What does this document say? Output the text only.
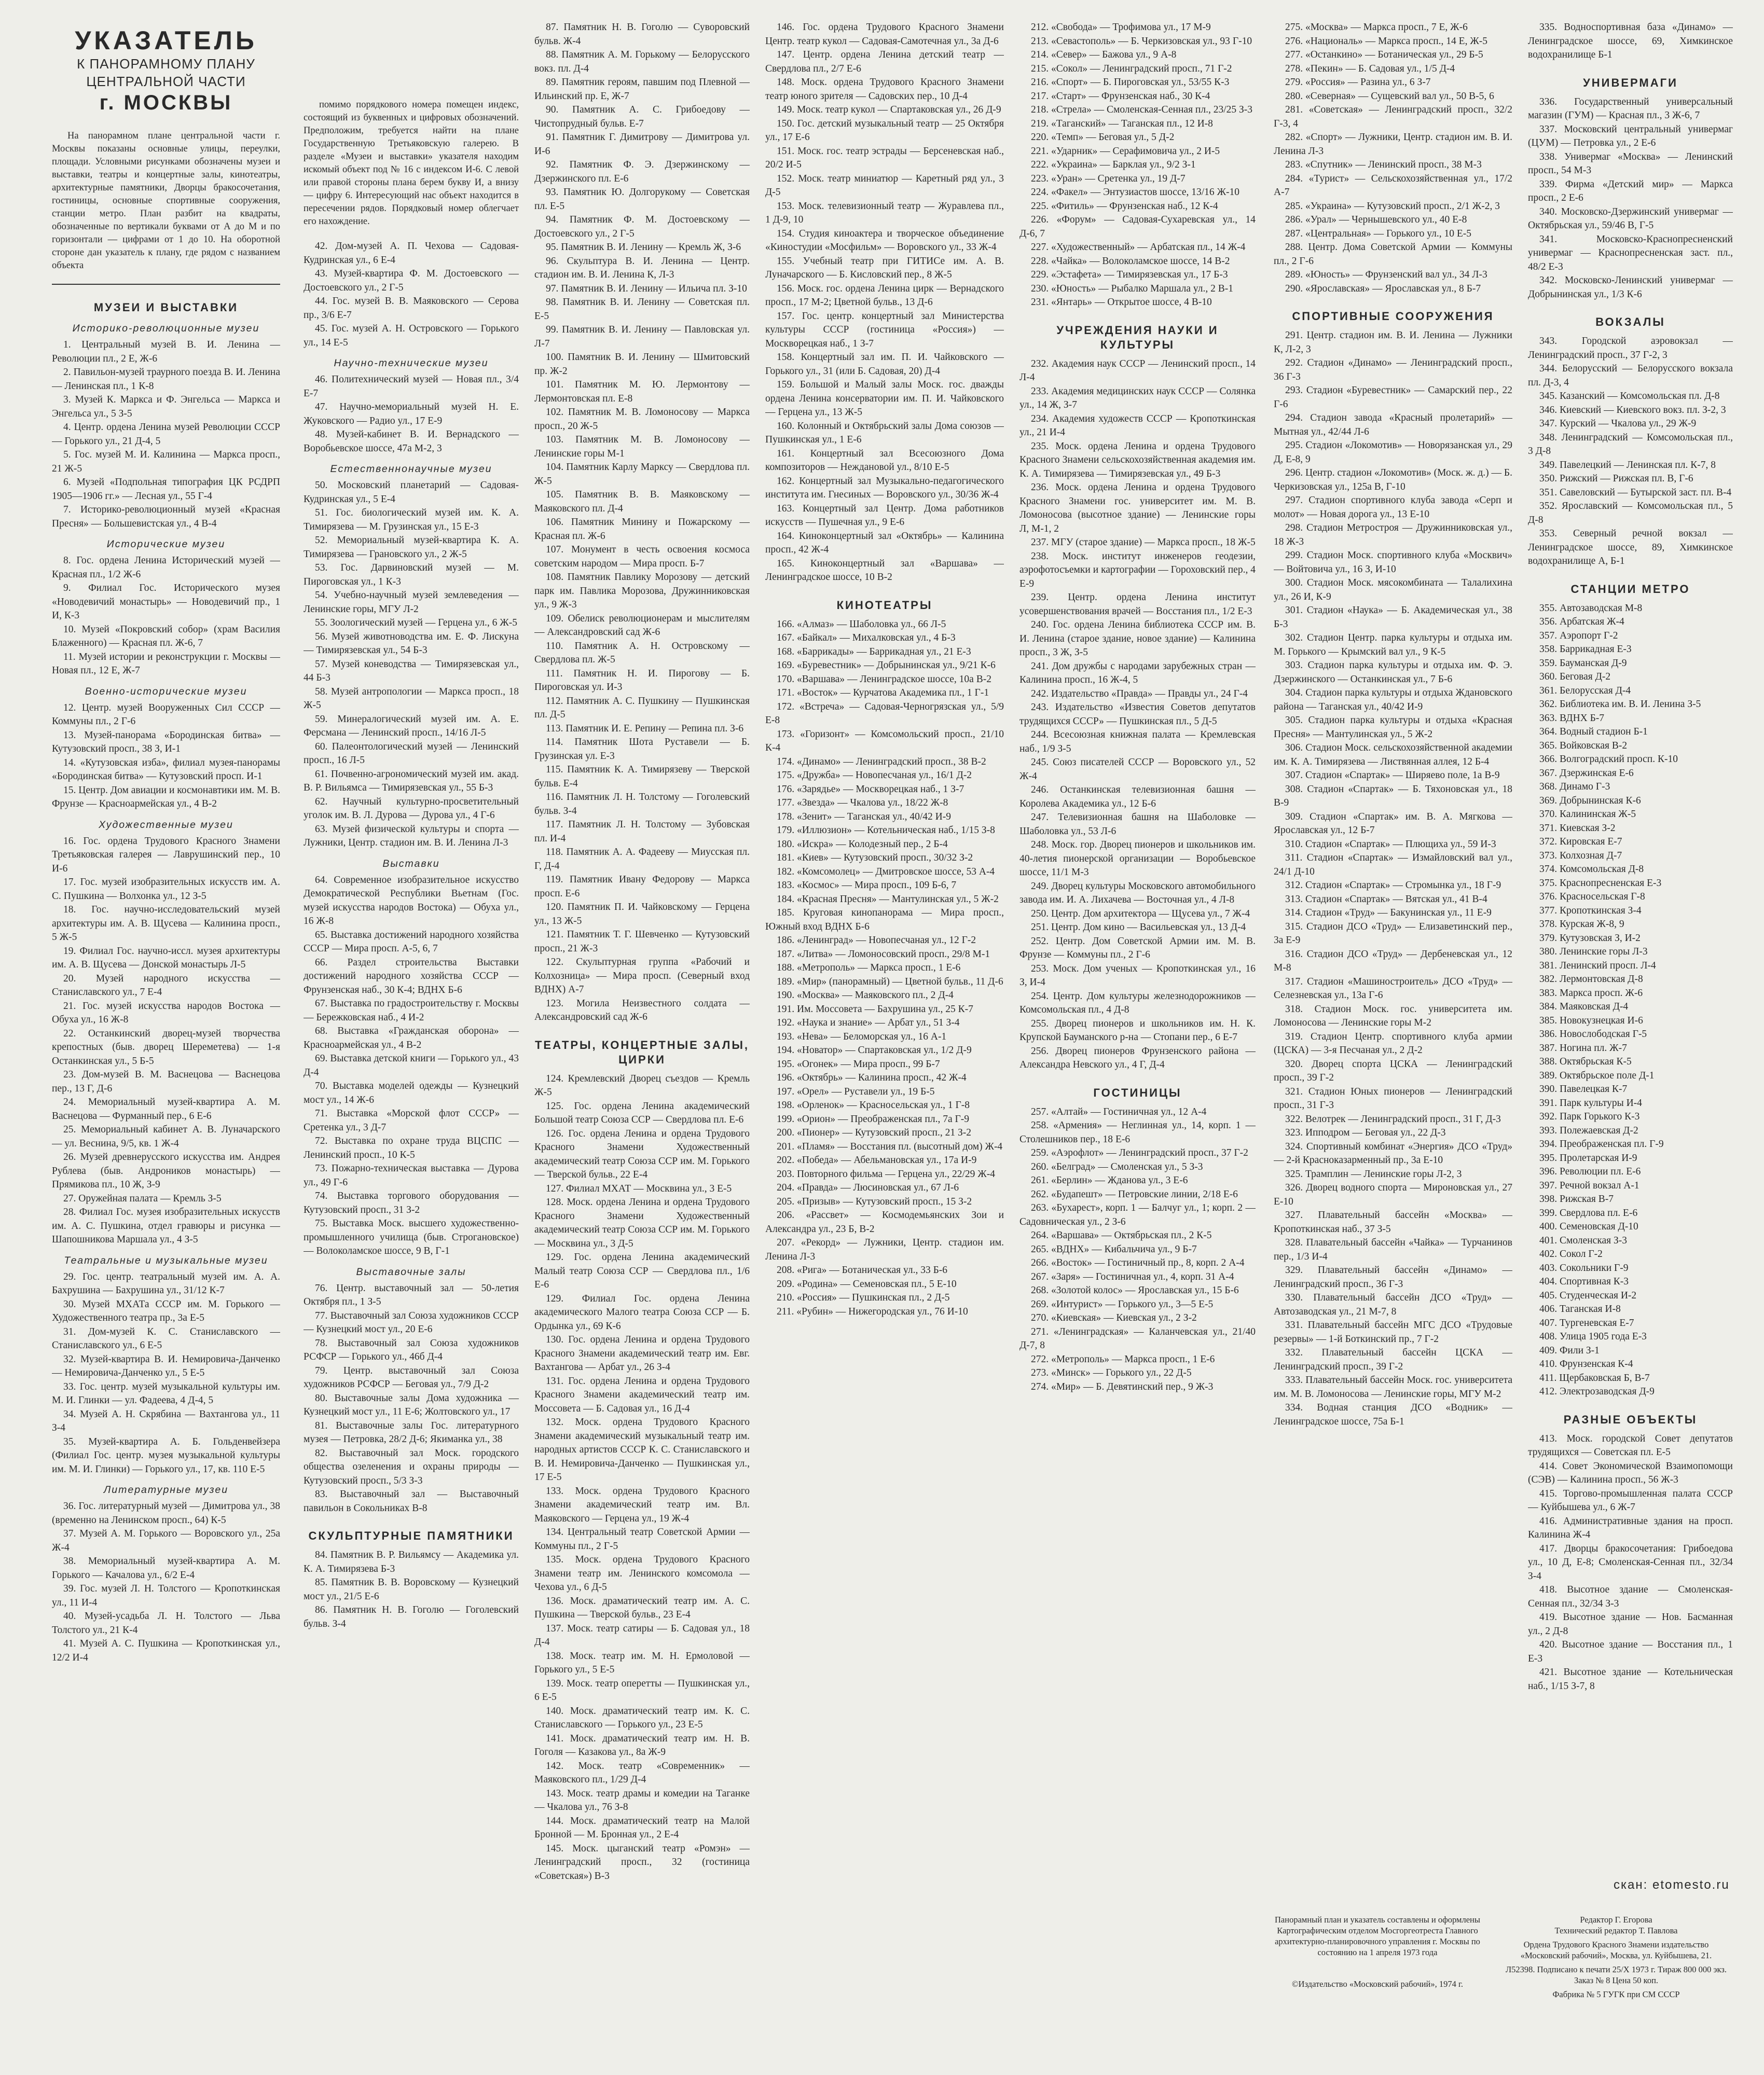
УКАЗАТЕЛЬ
К ПАНОРАМНОМУ ПЛАНУ ЦЕНТРАЛЬНОЙ ЧАСТИ
г. МОСКВЫ

На панорамном плане центральной части г. Москвы показаны основные улицы, переулки, площади. Условными рисунками обозначены музеи и выставки, театры и концертные залы, кинотеатры, архитектурные памятники, Дворцы бракосочетания, гостиницы, основные спортивные сооружения, станции метро. План разбит на квадраты, обозначенные по вертикали буквами от А до М и по горизонтали — цифрами от 1 до 10. На оборотной стороне дан указатель к плану, где рядом с названием объекта

МУЗЕИ И ВЫСТАВКИ
Историко-революционные музеи

1. Центральный музей В. И. Ленина — Революции пл., 2 Е, Ж-6

2. Павильон-музей траурного поезда В. И. Ленина — Ленинская пл., 1 К-8

3. Музей К. Маркса и Ф. Энгельса — Маркса и Энгельса ул., 5 З-5

4. Центр. ордена Ленина музей Революции СССР — Горького ул., 21 Д-4, 5

5. Гос. музей М. И. Калинина — Маркса просп., 21 Ж-5

6. Музей «Подпольная типография ЦК РСДРП 1905—1906 гг.» — Лесная ул., 55 Г-4

7. Историко-революционный музей «Красная Пресня» — Большевистская ул., 4 В-4

Исторические музеи

8. Гос. ордена Ленина Исторический музей — Красная пл., 1/2 Ж-6

9. Филиал Гос. Исторического музея «Новодевичий монастырь» — Новодевичий пр., 1 И, К-3

10. Музей «Покровский собор» (храм Василия Блаженного) — Красная пл. Ж-6, 7

11. Музей истории и реконструкции г. Москвы — Новая пл., 12 Е, Ж-7

Военно-исторические музеи

12. Центр. музей Вооруженных Сил СССР — Коммуны пл., 2 Г-6

13. Музей-панорама «Бородинская битва» — Кутузовский просп., 38 З, И-1

14. «Кутузовская изба», филиал музея-панорамы «Бородинская битва» — Кутузовский просп. И-1

15. Центр. Дом авиации и космонавтики им. М. В. Фрунзе — Красноармейская ул., 4 В-2

Художественные музеи

16. Гос. ордена Трудового Красного Знамени Третьяковская галерея — Лаврушинский пер., 10 И-6

17. Гос. музей изобразительных искусств им. А. С. Пушкина — Волхонка ул., 12 З-5

18. Гос. научно-исследовательский музей архитектуры им. А. В. Щусева — Калинина просп., 5 Ж-5

19. Филиал Гос. научно-иссл. музея архитектуры им. А. В. Щусева — Донской монастырь Л-5

20. Музей народного искусства — Станиславского ул., 7 Е-4

21. Гос. музей искусства народов Востока — Обуха ул., 16 Ж-8

22. Останкинский дворец-музей творчества крепостных (быв. дворец Шереметева) — 1-я Останкинская ул., 5 Б-5

23. Дом-музей В. М. Васнецова — Васнецова пер., 13 Г, Д-6

24. Мемориальный музей-квартира А. М. Васнецова — Фурманный пер., 6 Е-6

25. Мемориальный кабинет А. В. Луначарского — ул. Веснина, 9/5, кв. 1 Ж-4

26. Музей древнерусского искусства им. Андрея Рублева (быв. Андроников монастырь) — Прямикова пл., 10 Ж, З-9

27. Оружейная палата — Кремль З-5

28. Филиал Гос. музея изобразительных искусств им. А. С. Пушкина, отдел гравюры и рисунка — Шапошникова Маршала ул., 4 З-5

Театральные и музыкальные музеи

29. Гос. центр. театральный музей им. А. А. Бахрушина — Бахрушина ул., 31/12 К-7

30. Музей МХАТа СССР им. М. Горького — Художественного театра пр., 3а Е-5

31. Дом-музей К. С. Станиславского — Станиславского ул., 6 Е-5

32. Музей-квартира В. И. Немировича-Данченко — Немировича-Данченко ул., 5 Е-5

33. Гос. центр. музей музыкальной культуры им. М. И. Глинки — ул. Фадеева, 4 Д-4, 5

34. Музей А. Н. Скрябина — Вахтангова ул., 11 З-4

35. Музей-квартира А. Б. Гольденвейзера (Филиал Гос. центр. музея музыкальной культуры им. М. И. Глинки) — Горького ул., 17, кв. 110 Е-5

Литературные музеи

36. Гос. литературный музей — Димитрова ул., 38 (временно на Ленинском просп., 64) К-5

37. Музей А. М. Горького — Воровского ул., 25а Ж-4

38. Мемориальный музей-квартира А. М. Горького — Качалова ул., 6/2 Е-4

39. Гос. музей Л. Н. Толстого — Кропоткинская ул., 11 И-4

40. Музей-усадьба Л. Н. Толстого — Льва Толстого ул., 21 К-4

41. Музей А. С. Пушкина — Кропоткинская ул., 12/2 И-4

помимо порядкового номера помещен индекс, состоящий из буквенных и цифровых обозначений. Предположим, требуется найти на плане Государственную Третьяковскую галерею. В разделе «Музеи и выставки» указателя находим искомый объект под № 16 с индексом И-6. С левой или правой стороны плана берем букву И, а внизу — цифру 6. Интересующий нас объект находится в пересечении рядов. Порядковый номер облегчает его нахождение.

42. Дом-музей А. П. Чехова — Садовая-Кудринская ул., 6 Е-4

43. Музей-квартира Ф. М. Достоевского — Достоевского ул., 2 Г-5

44. Гос. музей В. В. Маяковского — Серова пр., 3/6 Е-7

45. Гос. музей А. Н. Островского — Горького ул., 14 Е-5

Научно-технические музеи

46. Политехнический музей — Новая пл., 3/4 Е-7

47. Научно-мемориальный музей Н. Е. Жуковского — Радио ул., 17 Е-9

48. Музей-кабинет В. И. Вернадского — Воробьевское шоссе, 47а М-2, 3

Естественнонаучные музеи

50. Московский планетарий — Садовая-Кудринская ул., 5 Е-4

51. Гос. биологический музей им. К. А. Тимирязева — М. Грузинская ул., 15 Е-3

52. Мемориальный музей-квартира К. А. Тимирязева — Грановского ул., 2 Ж-5

53. Гос. Дарвиновский музей — М. Пироговская ул., 1 К-3

54. Учебно-научный музей землеведения — Ленинские горы, МГУ Л-2

55. Зоологический музей — Герцена ул., 6 Ж-5

56. Музей животноводства им. Е. Ф. Лискуна — Тимирязевская ул., 54 Б-3

57. Музей коневодства — Тимирязевская ул., 44 Б-3

58. Музей антропологии — Маркса просп., 18 Ж-5

59. Минералогический музей им. А. Е. Ферсмана — Ленинский просп., 14/16 Л-5

60. Палеонтологический музей — Ленинский просп., 16 Л-5

61. Почвенно-агрономический музей им. акад. В. Р. Вильямса — Тимирязевская ул., 55 Б-3

62. Научный культурно-просветительный уголок им. В. Л. Дурова — Дурова ул., 4 Г-6

63. Музей физической культуры и спорта — Лужники, Центр. стадион им. В. И. Ленина Л-3

Выставки

64. Современное изобразительное искусство Демократической Республики Вьетнам (Гос. музей искусства народов Востока) — Обуха ул., 16 Ж-8

65. Выставка достижений народного хозяйства СССР — Мира просп. А-5, 6, 7

66. Раздел строительства Выставки достижений народного хозяйства СССР — Фрунзенская наб., 30 К-4; ВДНХ Б-6

67. Выставка по градостроительству г. Москвы — Бережковская наб., 4 И-2

68. Выставка «Гражданская оборона» — Красноармейская ул., 4 В-2

69. Выставка детской книги — Горького ул., 43 Д-4

70. Выставка моделей одежды — Кузнецкий мост ул., 14 Ж-6

71. Выставка «Морской флот СССР» — Сретенка ул., 3 Д-7

72. Выставка по охране труда ВЦСПС — Ленинский просп., 10 К-5

73. Пожарно-техническая выставка — Дурова ул., 49 Г-6

74. Выставка торгового оборудования — Кутузовский просп., 31 З-2

75. Выставка Моск. высшего художественно-промышленного училища (быв. Строгановское) — Волоколамское шоссе, 9 В, Г-1

Выставочные залы

76. Центр. выставочный зал — 50-летия Октября пл., 1 З-5

77. Выставочный зал Союза художников СССР — Кузнецкий мост ул., 20 Е-6

78. Выставочный зал Союза художников РСФСР — Горького ул., 46б Д-4

79. Центр. выставочный зал Союза художников РСФСР — Беговая ул., 7/9 Д-2

80. Выставочные залы Дома художника — Кузнецкий мост ул., 11 Е-6; Жолтовского ул., 17

81. Выставочные залы Гос. литературного музея — Петровка, 28/2 Д-6; Якиманка ул., 38

82. Выставочный зал Моск. городского общества озеленения и охраны природы — Кутузовский просп., 5/3 З-3

83. Выставочный зал — Выставочный павильон в Сокольниках В-8

СКУЛЬПТУРНЫЕ ПАМЯТНИКИ

84. Памятник В. Р. Вильямсу — Академика ул. К. А. Тимирязева Б-3

85. Памятник В. В. Воровскому — Кузнецкий мост ул., 21/5 Е-6

86. Памятник Н. В. Гоголю — Гоголевский бульв. З-4

87. Памятник Н. В. Гоголю — Суворовский бульв. Ж-4

88. Памятник А. М. Горькому — Белорусского вокз. пл. Д-4

89. Памятник героям, павшим под Плевной — Ильинский пр. Е, Ж-7

90. Памятник А. С. Грибоедову — Чистопрудный бульв. Е-7

91. Памятник Г. Димитрову — Димитрова ул. И-6

92. Памятник Ф. Э. Дзержинскому — Дзержинского пл. Е-6

93. Памятник Ю. Долгорукому — Советская пл. Е-5

94. Памятник Ф. М. Достоевскому — Достоевского ул., 2 Г-5

95. Памятник В. И. Ленину — Кремль Ж, З-6

96. Скульптура В. И. Ленина — Центр. стадион им. В. И. Ленина К, Л-3

97. Памятник В. И. Ленину — Ильича пл. З-10

98. Памятник В. И. Ленину — Советская пл. Е-5

99. Памятник В. И. Ленину — Павловская ул. Л-7

100. Памятник В. И. Ленину — Шмитовский пр. Ж-2

101. Памятник М. Ю. Лермонтову — Лермонтовская пл. Е-8

102. Памятник М. В. Ломоносову — Маркса просп., 20 Ж-5

103. Памятник М. В. Ломоносову — Ленинские горы М-1

104. Памятник Карлу Марксу — Свердлова пл. Ж-5

105. Памятник В. В. Маяковскому — Маяковского пл. Д-4

106. Памятник Минину и Пожарскому — Красная пл. Ж-6

107. Монумент в честь освоения космоса советским народом — Мира просп. Б-7

108. Памятник Павлику Морозову — детский парк им. Павлика Морозова, Дружинниковская ул., 9 Ж-3

109. Обелиск революционерам и мыслителям — Александровский сад Ж-6

110. Памятник А. Н. Островскому — Свердлова пл. Ж-5

111. Памятник Н. И. Пирогову — Б. Пироговская ул. И-3

112. Памятник А. С. Пушкину — Пушкинская пл. Д-5

113. Памятник И. Е. Репину — Репина пл. З-6

114. Памятник Шота Руставели — Б. Грузинская ул. Е-3

115. Памятник К. А. Тимирязеву — Тверской бульв. Е-4

116. Памятник Л. Н. Толстому — Гоголевский бульв. З-4

117. Памятник Л. Н. Толстому — Зубовская пл. И-4

118. Памятник А. А. Фадееву — Миусская пл. Г, Д-4

119. Памятник Ивану Федорову — Маркса просп. Е-6

120. Памятник П. И. Чайковскому — Герцена ул., 13 Ж-5

121. Памятник Т. Г. Шевченко — Кутузовский просп., 21 Ж-3

122. Скульптурная группа «Рабочий и Колхозница» — Мира просп. (Северный вход ВДНХ) А-7

123. Могила Неизвестного солдата — Александровский сад Ж-6

ТЕАТРЫ, КОНЦЕРТНЫЕ ЗАЛЫ, ЦИРКИ

124. Кремлевский Дворец съездов — Кремль Ж-5

125. Гос. ордена Ленина академический Большой театр Союза ССР — Свердлова пл. Е-6

126. Гос. ордена Ленина и ордена Трудового Красного Знамени Художественный академический театр Союза ССР им. М. Горького — Тверской бульв., 22 Е-4

127. Филиал МХАТ — Москвина ул., 3 Е-5

128. Моск. ордена Ленина и ордена Трудового Красного Знамени Художественный академический театр Союза ССР им. М. Горького — Москвина ул., 3 Д-5

129. Гос. ордена Ленина академический Малый театр Союза ССР — Свердлова пл., 1/6 Е-6

129. Филиал Гос. ордена Ленина академического Малого театра Союза ССР — Б. Ордынка ул., 69 К-6

130. Гос. ордена Ленина и ордена Трудового Красного Знамени академический театр им. Евг. Вахтангова — Арбат ул., 26 З-4

131. Гос. ордена Ленина и ордена Трудового Красного Знамени академический театр им. Моссовета — Б. Садовая ул., 16 Д-4

132. Моск. ордена Трудового Красного Знамени академический музыкальный театр им. народных артистов СССР К. С. Станиславского и В. И. Немировича-Данченко — Пушкинская ул., 17 Е-5

133. Моск. ордена Трудового Красного Знамени академический театр им. Вл. Маяковского — Герцена ул., 19 Ж-4

134. Центральный театр Советской Армии — Коммуны пл., 2 Г-5

135. Моск. ордена Трудового Красного Знамени театр им. Ленинского комсомола — Чехова ул., 6 Д-5

136. Моск. драматический театр им. А. С. Пушкина — Тверской бульв., 23 Е-4

137. Моск. театр сатиры — Б. Садовая ул., 18 Д-4

138. Моск. театр им. М. Н. Ермоловой — Горького ул., 5 Е-5

139. Моск. театр оперетты — Пушкинская ул., 6 Е-5

140. Моск. драматический театр им. К. С. Станиславского — Горького ул., 23 Е-5

141. Моск. драматический театр им. Н. В. Гоголя — Казакова ул., 8а Ж-9

142. Моск. театр «Современник» — Маяковского пл., 1/29 Д-4

143. Моск. театр драмы и комедии на Таганке — Чкалова ул., 76 З-8

144. Моск. драматический театр на Малой Бронной — М. Бронная ул., 2 Е-4

145. Моск. цыганский театр «Ромэн» — Ленинградский просп., 32 (гостиница «Советская») В-3

146. Гос. ордена Трудового Красного Знамени Центр. театр кукол — Садовая-Самотечная ул., 3а Д-6

147. Центр. ордена Ленина детский театр — Свердлова пл., 2/7 Е-6

148. Моск. ордена Трудового Красного Знамени театр юного зрителя — Садовских пер., 10 Д-4

149. Моск. театр кукол — Спартаковская ул., 26 Д-9

150. Гос. детский музыкальный театр — 25 Октября ул., 17 Е-6

151. Моск. гос. театр эстрады — Берсеневская наб., 20/2 И-5

152. Моск. театр миниатюр — Каретный ряд ул., 3 Д-5

153. Моск. телевизионный театр — Журавлева пл., 1 Д-9, 10

154. Студия киноактера и творческое объединение «Киностудии «Мосфильм» — Воровского ул., 33 Ж-4

155. Учебный театр при ГИТИСе им. А. В. Луначарского — Б. Кисловский пер., 8 Ж-5

156. Моск. гос. ордена Ленина цирк — Вернадского просп., 17 М-2; Цветной бульв., 13 Д-6

157. Гос. центр. концертный зал Министерства культуры СССР (гостиница «Россия») — Москворецкая наб., 1 З-7

158. Концертный зал им. П. И. Чайковского — Горького ул., 31 (или Б. Садовая, 20) Д-4

159. Большой и Малый залы Моск. гос. дважды ордена Ленина консерватории им. П. И. Чайковского — Герцена ул., 13 Ж-5

160. Колонный и Октябрьский залы Дома союзов — Пушкинская ул., 1 Е-6

161. Концертный зал Всесоюзного Дома композиторов — Неждановой ул., 8/10 Е-5

162. Концертный зал Музыкально-педагогического института им. Гнесиных — Воровского ул., 30/36 Ж-4

163. Концертный зал Центр. Дома работников искусств — Пушечная ул., 9 Е-6

164. Киноконцертный зал «Октябрь» — Калинина просп., 42 Ж-4

165. Киноконцертный зал «Варшава» — Ленинградское шоссе, 10 В-2

КИНОТЕАТРЫ

166. «Алмаз» — Шаболовка ул., 66 Л-5

167. «Байкал» — Михалковская ул., 4 Б-3

168. «Баррикады» — Баррикадная ул., 21 Е-3

169. «Буревестник» — Добрынинская ул., 9/21 К-6

170. «Варшава» — Ленинградское шоссе, 10а В-2

171. «Восток» — Курчатова Академика пл., 1 Г-1

172. «Встреча» — Садовая-Черногрязская ул., 5/9 Е-8

173. «Горизонт» — Комсомольский просп., 21/10 К-4

174. «Динамо» — Ленинградский просп., 38 В-2

175. «Дружба» — Новопесчаная ул., 16/1 Д-2

176. «Зарядье» — Москворецкая наб., 1 З-7

177. «Звезда» — Чкалова ул., 18/22 Ж-8

178. «Зенит» — Таганская ул., 40/42 И-9

179. «Иллюзион» — Котельническая наб., 1/15 З-8

180. «Искра» — Колодезный пер., 2 Б-4

181. «Киев» — Кутузовский просп., 30/32 З-2

182. «Комсомолец» — Дмитровское шоссе, 53 А-4

183. «Космос» — Мира просп., 109 Б-6, 7

184. «Красная Пресня» — Мантулинская ул., 5 Ж-2

185. Круговая кинопанорама — Мира просп., Южный вход ВДНХ Б-6

186. «Ленинград» — Новопесчаная ул., 12 Г-2

187. «Литва» — Ломоносовский просп., 29/8 М-1

188. «Метрополь» — Маркса просп., 1 Е-6

189. «Мир» (панорамный) — Цветной бульв., 11 Д-6

190. «Москва» — Маяковского пл., 2 Д-4

191. Им. Моссовета — Бахрушина ул., 25 К-7

192. «Наука и знание» — Арбат ул., 51 З-4

193. «Нева» — Беломорская ул., 16 А-1

194. «Новатор» — Спартаковская ул., 1/2 Д-9

195. «Огонек» — Мира просп., 99 Б-7

196. «Октябрь» — Калинина просп., 42 Ж-4

197. «Орел» — Руставели ул., 19 Б-5

198. «Орленок» — Красносельская ул., 1 Г-8

199. «Орион» — Преображенская пл., 7а Г-9

200. «Пионер» — Кутузовский просп., 21 З-2

201. «Пламя» — Восстания пл. (высотный дом) Ж-4

202. «Победа» — Абельмановская ул., 17а И-9

203. Повторного фильма — Герцена ул., 22/29 Ж-4

204. «Правда» — Люсиновская ул., 67 Л-6

205. «Призыв» — Кутузовский просп., 15 З-2

206. «Рассвет» — Космодемьянских Зои и Александра ул., 23 Б, В-2

207. «Рекорд» — Лужники, Центр. стадион им. Ленина Л-3

208. «Рига» — Ботаническая ул., 33 Б-6

209. «Родина» — Семеновская пл., 5 Е-10

210. «Россия» — Пушкинская пл., 2 Д-5

211. «Рубин» — Нижегородская ул., 76 И-10

212. «Свобода» — Трофимова ул., 17 М-9

213. «Севастополь» — Б. Черкизовская ул., 93 Г-10

214. «Север» — Бажова ул., 9 А-8

215. «Сокол» — Ленинградский просп., 71 Г-2

216. «Спорт» — Б. Пироговская ул., 53/55 К-3

217. «Старт» — Фрунзенская наб., 30 К-4

218. «Стрела» — Смоленская-Сенная пл., 23/25 З-3

219. «Таганский» — Таганская пл., 12 И-8

220. «Темп» — Беговая ул., 5 Д-2

221. «Ударник» — Серафимовича ул., 2 И-5

222. «Украина» — Барклая ул., 9/2 З-1

223. «Уран» — Сретенка ул., 19 Д-7

224. «Факел» — Энтузиастов шоссе, 13/16 Ж-10

225. «Фитиль» — Фрунзенская наб., 12 К-4

226. «Форум» — Садовая-Сухаревская ул., 14 Д-6, 7

227. «Художественный» — Арбатская пл., 14 Ж-4

228. «Чайка» — Волоколамское шоссе, 14 В-2

229. «Эстафета» — Тимирязевская ул., 17 Б-3

230. «Юность» — Рыбалко Маршала ул., 2 В-1

231. «Янтарь» — Открытое шоссе, 4 В-10

УЧРЕЖДЕНИЯ НАУКИ И КУЛЬТУРЫ

232. Академия наук СССР — Ленинский просп., 14 Л-4

233. Академия медицинских наук СССР — Солянка ул., 14 Ж, З-7

234. Академия художеств СССР — Кропоткинская ул., 21 И-4

235. Моск. ордена Ленина и ордена Трудового Красного Знамени сельскохозяйственная академия им. К. А. Тимирязева — Тимирязевская ул., 49 Б-3

236. Моск. ордена Ленина и ордена Трудового Красного Знамени гос. университет им. М. В. Ломоносова (высотное здание) — Ленинские горы Л, М-1, 2

237. МГУ (старое здание) — Маркса просп., 18 Ж-5

238. Моск. институт инженеров геодезии, аэрофотосъемки и картографии — Гороховский пер., 4 Е-9

239. Центр. ордена Ленина институт усовершенствования врачей — Восстания пл., 1/2 Е-3

240. Гос. ордена Ленина библиотека СССР им. В. И. Ленина (старое здание, новое здание) — Калинина просп., 3 Ж, З-5

241. Дом дружбы с народами зарубежных стран — Калинина просп., 16 Ж-4, 5

242. Издательство «Правда» — Правды ул., 24 Г-4

243. Издательство «Известия Советов депутатов трудящихся СССР» — Пушкинская пл., 5 Д-5

244. Всесоюзная книжная палата — Кремлевская наб., 1/9 З-5

245. Союз писателей СССР — Воровского ул., 52 Ж-4

246. Останкинская телевизионная башня — Королева Академика ул., 12 Б-6

247. Телевизионная башня на Шаболовке — Шаболовка ул., 53 Л-6

248. Моск. гор. Дворец пионеров и школьников им. 40-летия пионерской организации — Воробьевское шоссе, 11/1 М-3

249. Дворец культуры Московского автомобильного завода им. И. А. Лихачева — Восточная ул., 4 Л-8

250. Центр. Дом архитектора — Щусева ул., 7 Ж-4

251. Центр. Дом кино — Васильевская ул., 13 Д-4

252. Центр. Дом Советской Армии им. М. В. Фрунзе — Коммуны пл., 2 Г-6

253. Моск. Дом ученых — Кропоткинская ул., 16 З, И-4

254. Центр. Дом культуры железнодорожников — Комсомольская пл., 4 Д-8

255. Дворец пионеров и школьников им. Н. К. Крупской Бауманского р-на — Стопани пер., 6 Е-7

256. Дворец пионеров Фрунзенского района — Александра Невского ул., 4 Г, Д-4

ГОСТИНИЦЫ

257. «Алтай» — Гостиничная ул., 12 А-4

258. «Армения» — Неглинная ул., 14, корп. 1 — Столешников пер., 18 Е-6

259. «Аэрофлот» — Ленинградский просп., 37 Г-2

260. «Белград» — Смоленская ул., 5 З-3

261. «Берлин» — Жданова ул., 3 Е-6

262. «Будапешт» — Петровские линии, 2/18 Е-6

263. «Бухарест», корп. 1 — Балчуг ул., 1; корп. 2 — Садовническая ул., 2 З-6

264. «Варшава» — Октябрьская пл., 2 К-5

265. «ВДНХ» — Кибальчича ул., 9 Б-7

266. «Восток» — Гостиничный пр., 8, корп. 2 А-4

267. «Заря» — Гостиничная ул., 4, корп. 31 А-4

268. «Золотой колос» — Ярославская ул., 15 Б-6

269. «Интурист» — Горького ул., 3—5 Е-5

270. «Киевская» — Киевская ул., 2 З-2

271. «Ленинградская» — Каланчевская ул., 21/40 Д-7, 8

272. «Метрополь» — Маркса просп., 1 Е-6

273. «Минск» — Горького ул., 22 Д-5

274. «Мир» — Б. Девятинский пер., 9 Ж-3

275. «Москва» — Маркса просп., 7 Е, Ж-6

276. «Националь» — Маркса просп., 14 Е, Ж-5

277. «Останкино» — Ботаническая ул., 29 Б-5

278. «Пекин» — Б. Садовая ул., 1/5 Д-4

279. «Россия» — Разина ул., 6 З-7

280. «Северная» — Сущевский вал ул., 50 В-5, 6

281. «Советская» — Ленинградский просп., 32/2 Г-3, 4

282. «Спорт» — Лужники, Центр. стадион им. В. И. Ленина Л-3

283. «Спутник» — Ленинский просп., 38 М-3

284. «Турист» — Сельскохозяйственная ул., 17/2 А-7

285. «Украина» — Кутузовский просп., 2/1 Ж-2, 3

286. «Урал» — Чернышевского ул., 40 Е-8

287. «Центральная» — Горького ул., 10 Е-5

288. Центр. Дома Советской Армии — Коммуны пл., 2 Г-6

289. «Юность» — Фрунзенский вал ул., 34 Л-3

290. «Ярославская» — Ярославская ул., 8 Б-7

СПОРТИВНЫЕ СООРУЖЕНИЯ

291. Центр. стадион им. В. И. Ленина — Лужники К, Л-2, 3

292. Стадион «Динамо» — Ленинградский просп., 36 Г-3

293. Стадион «Буревестник» — Самарский пер., 22 Г-6

294. Стадион завода «Красный пролетарий» — Мытная ул., 42/44 Л-6

295. Стадион «Локомотив» — Новорязанская ул., 29 Д, Е-8, 9

296. Центр. стадион «Локомотив» (Моск. ж. д.) — Б. Черкизовская ул., 125а В, Г-10

297. Стадион спортивного клуба завода «Серп и молот» — Новая дорога ул., 13 Е-10

298. Стадион Метростроя — Дружинниковская ул., 18 Ж-3

299. Стадион Моск. спортивного клуба «Москвич» — Войтовича ул., 16 З, И-10

300. Стадион Моск. мясокомбината — Талалихина ул., 26 И, К-9

301. Стадион «Наука» — Б. Академическая ул., 38 Б-3

302. Стадион Центр. парка культуры и отдыха им. М. Горького — Крымский вал ул., 9 К-5

303. Стадион парка культуры и отдыха им. Ф. Э. Дзержинского — Останкинская ул., 7 Б-6

304. Стадион парка культуры и отдыха Ждановского района — Таганская ул., 40/42 И-9

305. Стадион парка культуры и отдыха «Красная Пресня» — Мантулинская ул., 5 Ж-2

306. Стадион Моск. сельскохозяйственной академии им. К. А. Тимирязева — Листвянная аллея, 12 Б-4

307. Стадион «Спартак» — Ширяево поле, 1а В-9

308. Стадион «Спартак» — Б. Тяхоновская ул., 18 В-9

309. Стадион «Спартак» им. В. А. Мягкова — Ярославская ул., 12 Б-7

310. Стадион «Спартак» — Плющиха ул., 59 И-3

311. Стадион «Спартак» — Измайловский вал ул., 24/1 Д-10

312. Стадион «Спартак» — Стромынка ул., 18 Г-9

313. Стадион «Спартак» — Вятская ул., 41 В-4

314. Стадион «Труд» — Бакунинская ул., 11 Е-9

315. Стадион ДСО «Труд» — Елизаветинский пер., 3а Е-9

316. Стадион ДСО «Труд» — Дербеневская ул., 12 М-8

317. Стадион «Машиностроитель» ДСО «Труд» — Селезневская ул., 13а Г-6

318. Стадион Моск. гос. университета им. Ломоносова — Ленинские горы М-2

319. Стадион Центр. спортивного клуба армии (ЦСКА) — 3-я Песчаная ул., 2 Д-2

320. Дворец спорта ЦСКА — Ленинградский просп., 39 Г-2

321. Стадион Юных пионеров — Ленинградский просп., 31 Г-3

322. Велотрек — Ленинградский просп., 31 Г, Д-3

323. Ипподром — Беговая ул., 22 Д-3

324. Спортивный комбинат «Энергия» ДСО «Труд» — 2-й Красноказарменный пр., 3а Е-10

325. Трамплин — Ленинские горы Л-2, 3

326. Дворец водного спорта — Мироновская ул., 27 Е-10

327. Плавательный бассейн «Москва» — Кропоткинская наб., 37 З-5

328. Плавательный бассейн «Чайка» — Турчанинов пер., 1/3 И-4

329. Плавательный бассейн «Динамо» — Ленинградский просп., 36 Г-3

330. Плавательный бассейн ДСО «Труд» — Автозаводская ул., 21 М-7, 8

331. Плавательный бассейн МГС ДСО «Трудовые резервы» — 1-й Боткинский пр., 7 Г-2

332. Плавательный бассейн ЦСКА — Ленинградский просп., 39 Г-2

333. Плавательный бассейн Моск. гос. университета им. М. В. Ломоносова — Ленинские горы, МГУ М-2

334. Водная станция ДСО «Водник» — Ленинградское шоссе, 75а Б-1

335. Водноспортивная база «Динамо» — Ленинградское шоссе, 69, Химкинское водохранилище Б-1

УНИВЕРМАГИ

336. Государственный универсальный магазин (ГУМ) — Красная пл., 3 Ж-6, 7

337. Московский центральный универмаг (ЦУМ) — Петровка ул., 2 Е-6

338. Универмаг «Москва» — Ленинский просп., 54 М-3

339. Фирма «Детский мир» — Маркса просп., 2 Е-6

340. Московско-Дзержинский универмаг — Октябрьская ул., 59/46 В, Г-5

341. Московско-Краснопресненский универмаг — Краснопресненская заст. пл., 48/2 Е-3

342. Московско-Ленинский универмаг — Добрынинская ул., 1/3 К-6

ВОКЗАЛЫ

343. Городской аэровокзал — Ленинградский просп., 37 Г-2, 3

344. Белорусский — Белорусского вокзала пл. Д-3, 4

345. Казанский — Комсомольская пл. Д-8

346. Киевский — Киевского вокз. пл. З-2, 3

347. Курский — Чкалова ул., 29 Ж-9

348. Ленинградский — Комсомольская пл., 3 Д-8

349. Павелецкий — Ленинская пл. К-7, 8

350. Рижский — Рижская пл. В, Г-6

351. Савеловский — Бутырской заст. пл. В-4

352. Ярославский — Комсомольская пл., 5 Д-8

353. Северный речной вокзал — Ленинградское шоссе, 89, Химкинское водохранилище А, Б-1

СТАНЦИИ МЕТРО

355. Автозаводская М-8

356. Арбатская Ж-4

357. Аэропорт Г-2

358. Баррикадная Е-3

359. Бауманская Д-9

360. Беговая Д-2

361. Белорусская Д-4

362. Библиотека им. В. И. Ленина З-5

363. ВДНХ Б-7

364. Водный стадион Б-1

365. Войковская В-2

366. Волгоградский просп. К-10

367. Дзержинская Е-6

368. Динамо Г-3

369. Добрынинская К-6

370. Калининская Ж-5

371. Киевская З-2

372. Кировская Е-7

373. Колхозная Д-7

374. Комсомольская Д-8

375. Краснопресненская Е-3

376. Красносельская Г-8

377. Кропоткинская З-4

378. Курская Ж-8, 9

379. Кутузовская З, И-2

380. Ленинские горы Л-3

381. Ленинский просп. Л-4

382. Лермонтовская Д-8

383. Маркса просп. Ж-6

384. Маяковская Д-4

385. Новокузнецкая И-6

386. Новослободская Г-5

387. Ногина пл. Ж-7

388. Октябрьская К-5

389. Октябрьское поле Д-1

390. Павелецкая К-7

391. Парк культуры И-4

392. Парк Горького К-3

393. Полежаевская Д-2

394. Преображенская пл. Г-9

395. Пролетарская И-9

396. Революции пл. Е-6

397. Речной вокзал А-1

398. Рижская В-7

399. Свердлова пл. Е-6

400. Семеновская Д-10

401. Смоленская З-3

402. Сокол Г-2

403. Сокольники Г-9

404. Спортивная К-3

405. Студенческая И-2

406. Таганская И-8

407. Тургеневская Е-7

408. Улица 1905 года Е-3

409. Фили З-1

410. Фрунзенская К-4

411. Щербаковская Б, В-7

412. Электрозаводская Д-9

РАЗНЫЕ ОБЪЕКТЫ

413. Моск. городской Совет депутатов трудящихся — Советская пл. Е-5

414. Совет Экономической Взаимопомощи (СЭВ) — Калинина просп., 56 Ж-3

415. Торгово-промышленная палата СССР — Куйбышева ул., 6 Ж-7

416. Административные здания на просп. Калинина Ж-4

417. Дворцы бракосочетания: Грибоедова ул., 10 Д, Е-8; Смоленская-Сенная пл., 32/34 З-4

418. Высотное здание — Смоленская-Сенная пл., 32/34 З-3

419. Высотное здание — Нов. Басманная ул., 2 Д-8

420. Высотное здание — Восстания пл., 1 Е-3

421. Высотное здание — Котельническая наб., 1/15 З-7, 8

скан: etomesto.ru
Панорамный план и указатель составлены и оформлены Картографическим отделом Мосгоргеотреста Главного архитектурно-планировочного управления г. Москвы по состоянию на 1 апреля 1973 года
©Издательство «Московский рабочий», 1974 г.
Редактор Г. Егорова
Технический редактор Т. Павлова
Ордена Трудового Красного Знамени издательство «Московский рабочий», Москва, ул. Куйбышева, 21.
Л52398. Подписано к печати 25/X 1973 г. Тираж 800 000 экз. Заказ № 8 Цена 50 коп.
Фабрика № 5 ГУГК при СМ СССР
